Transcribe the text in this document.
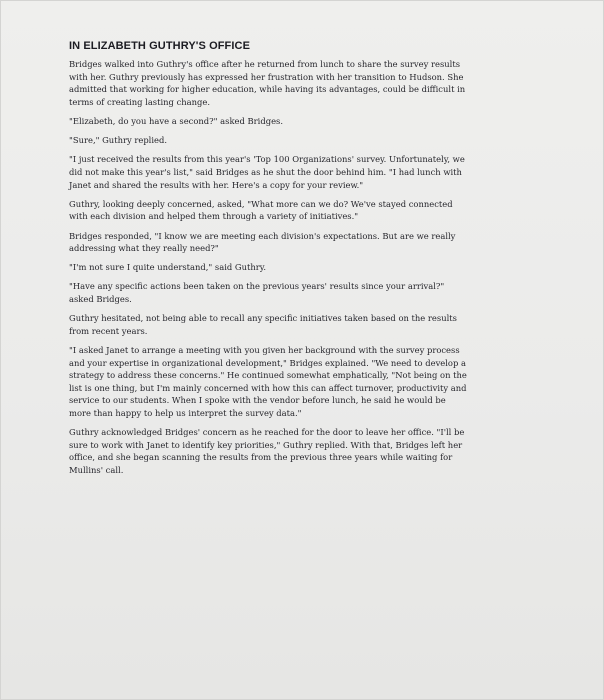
IN ELIZABETH GUTHRY'S OFFICE

Bridges walked into Guthry's office after he returned from lunch to share the survey results with her. Guthry previously has expressed her frustration with her transition to Hudson. She admitted that working for higher education, while having its advantages, could be difficult in terms of creating lasting change.

"Elizabeth, do you have a second?" asked Bridges.

"Sure," Guthry replied.

"I just received the results from this year's 'Top 100 Organizations' survey. Unfortunately, we did not make this year's list," said Bridges as he shut the door behind him. "I had lunch with Janet and shared the results with her. Here's a copy for your review."

Guthry, looking deeply concerned, asked, "What more can we do? We've stayed connected with each division and helped them through a variety of initiatives."

Bridges responded, "I know we are meeting each division's expectations. But are we really addressing what they really need?"

"I'm not sure I quite understand," said Guthry.

"Have any specific actions been taken on the previous years' results since your arrival?" asked Bridges.

Guthry hesitated, not being able to recall any specific initiatives taken based on the results from recent years.

"I asked Janet to arrange a meeting with you given her background with the survey process and your expertise in organizational development," Bridges explained. "We need to develop a strategy to address these concerns." He continued somewhat emphatically, "Not being on the list is one thing, but I'm mainly concerned with how this can affect turnover, productivity and service to our students. When I spoke with the vendor before lunch, he said he would be more than happy to help us interpret the survey data."

Guthry acknowledged Bridges' concern as he reached for the door to leave her office. "I'll be sure to work with Janet to identify key priorities," Guthry replied. With that, Bridges left her office, and she began scanning the results from the previous three years while waiting for Mullins' call.
